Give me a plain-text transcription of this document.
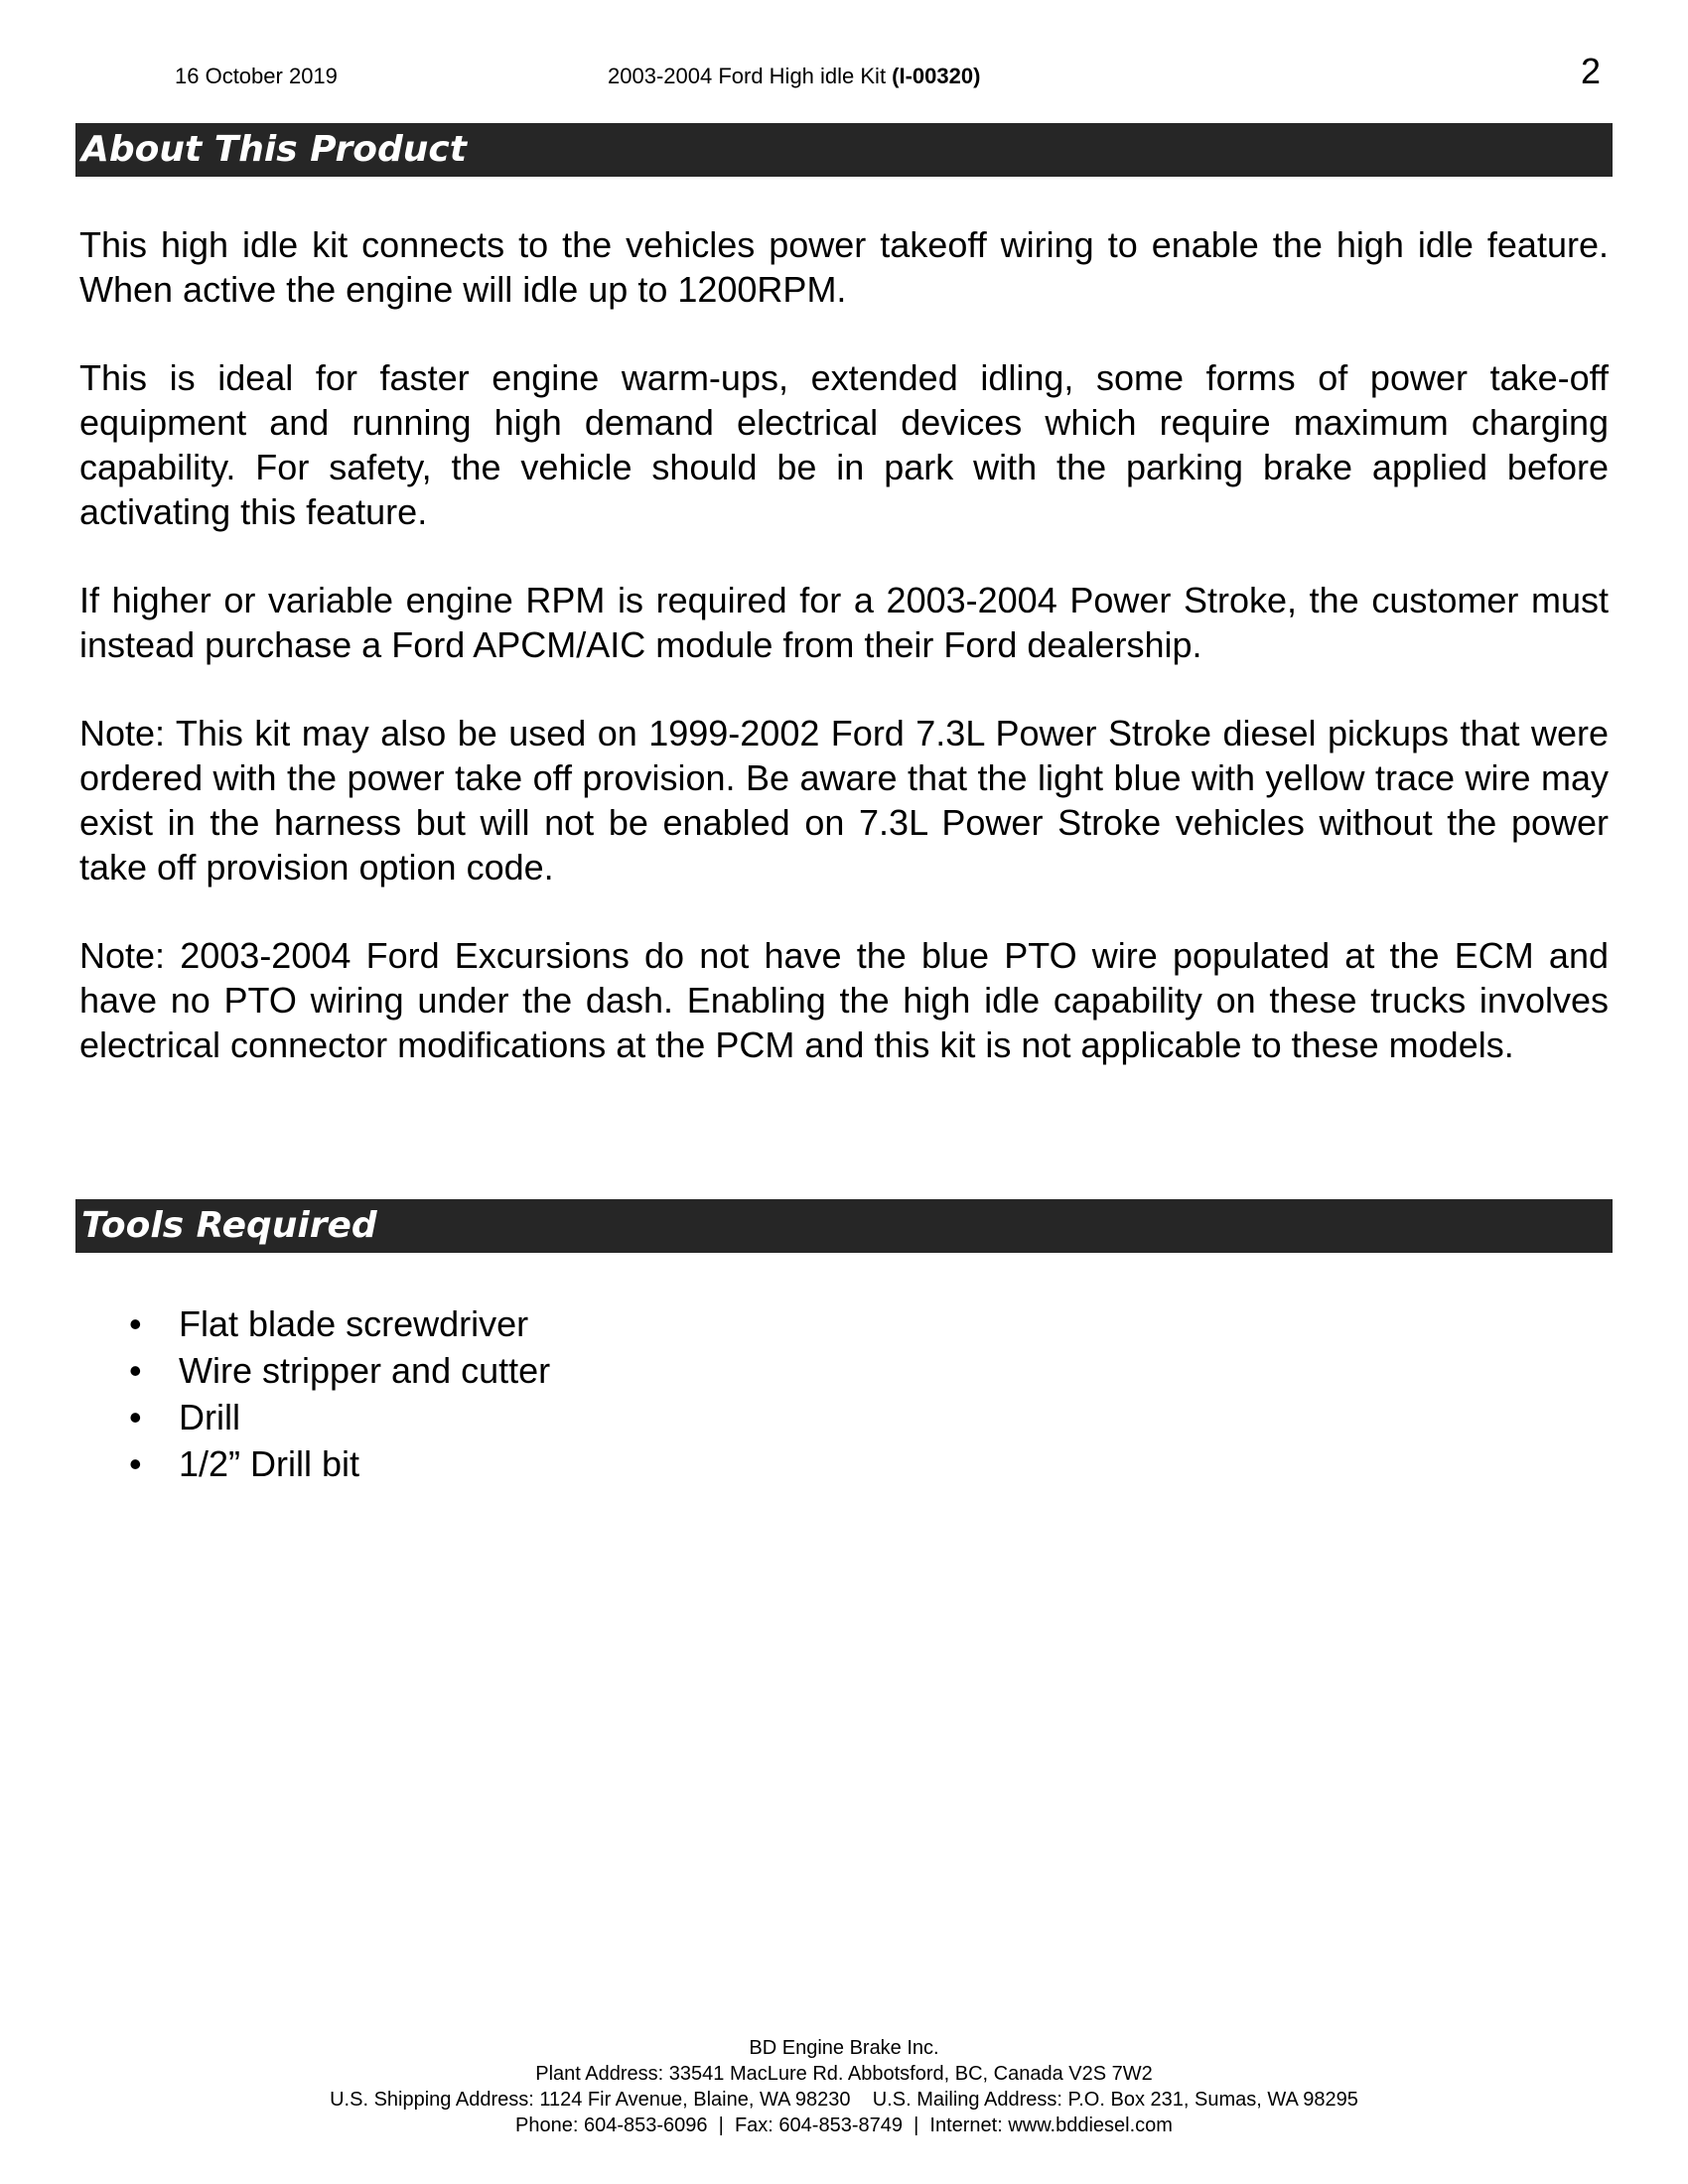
16 October 2019	2003-2004 Ford High idle Kit (I-00320)	2
About This Product

This high idle kit connects to the vehicles power takeoff wiring to enable the high idle feature. When active the engine will idle up to 1200RPM.

This is ideal for faster engine warm-ups, extended idling, some forms of power take-off equipment and running high demand electrical devices which require maximum charging capability. For safety, the vehicle should be in park with the parking brake applied before activating this feature.

If higher or variable engine RPM is required for a 2003-2004 Power Stroke, the customer must instead purchase a Ford APCM/AIC module from their Ford dealership.

Note: This kit may also be used on 1999-2002 Ford 7.3L Power Stroke diesel pickups that were ordered with the power take off provision. Be aware that the light blue with yellow trace wire may exist in the harness but will not be enabled on 7.3L Power Stroke vehicles without the power take off provision option code.

Note: 2003-2004 Ford Excursions do not have the blue PTO wire populated at the ECM and have no PTO wiring under the dash. Enabling the high idle capability on these trucks involves electrical connector modifications at the PCM and this kit is not applicable to these models.

Tools Required
• Flat blade screwdriver
• Wire stripper and cutter
• Drill
• 1/2” Drill bit
BD Engine Brake Inc.
Plant Address: 33541 MacLure Rd. Abbotsford, BC, Canada V2S 7W2
U.S. Shipping Address: 1124 Fir Avenue, Blaine, WA 98230    U.S. Mailing Address: P.O. Box 231, Sumas, WA 98295
Phone: 604-853-6096  |  Fax: 604-853-8749  |  Internet: www.bddiesel.com
